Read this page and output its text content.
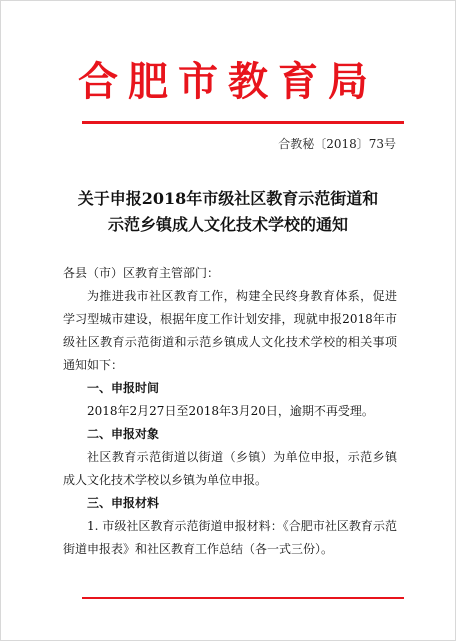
合肥市教育局
合教秘〔2018〕73号
关于申报2018年市级社区教育示范街道和
示范乡镇成人文化技术学校的通知

各县（市）区教育主管部门：

为推进我市社区教育工作，构建全民终身教育体系，促进学习型城市建设，根据年度工作计划安排，现就申报2018年市级社区教育示范街道和示范乡镇成人文化技术学校的相关事项通知如下：

一、申报时间

2018年2月27日至2018年3月20日，逾期不再受理。

二、申报对象

社区教育示范街道以街道（乡镇）为单位申报，示范乡镇成人文化技术学校以乡镇为单位申报。

三、申报材料

1. 市级社区教育示范街道申报材料：《合肥市社区教育示范街道申报表》和社区教育工作总结（各一式三份）。
